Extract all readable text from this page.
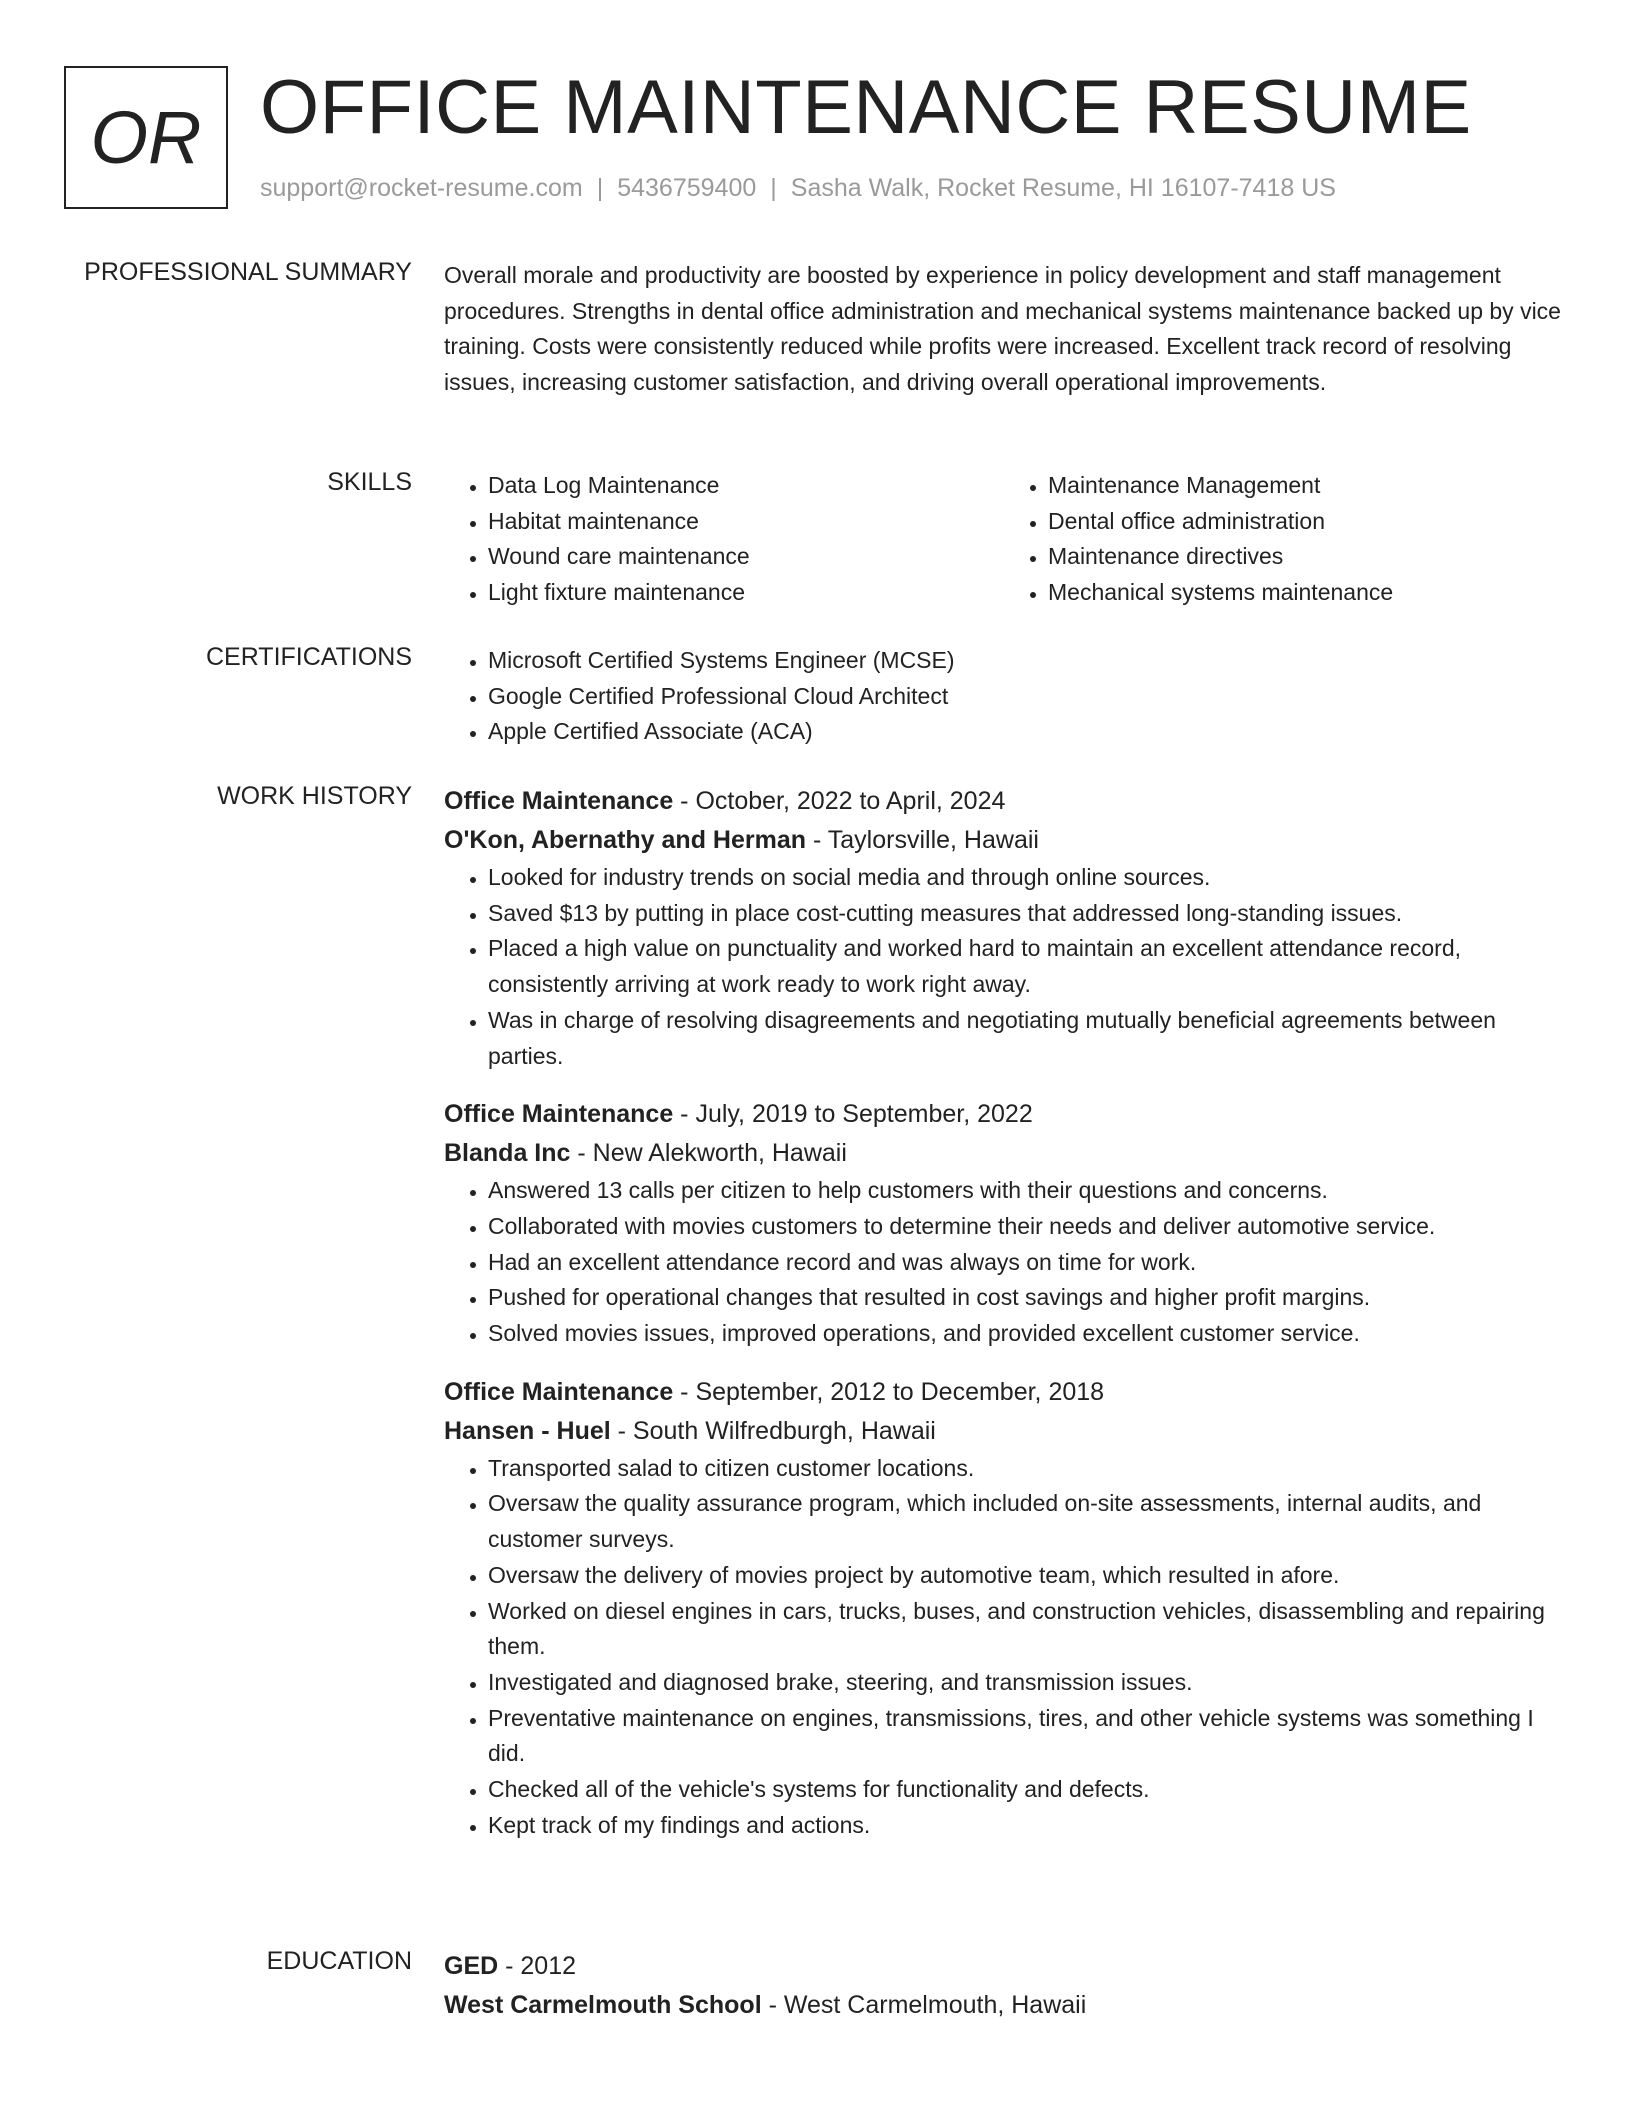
OR OFFICE MAINTENANCE RESUME
support@rocket-resume.com | 5436759400 | Sasha Walk, Rocket Resume, HI 16107-7418 US
PROFESSIONAL SUMMARY Overall morale and productivity are boosted by experience in policy development and staff management procedures. Strengths in dental office administration and mechanical systems maintenance backed up by vice training. Costs were consistently reduced while profits were increased. Excellent track record of resolving issues, increasing customer satisfaction, and driving overall operational improvements.

SKILLS	• Data Log Maintenance
• Habitat maintenance
• Wound care maintenance
• Light fixture maintenance
• Maintenance Management
• Dental office administration
• Maintenance directives
• Mechanical systems maintenance
CERTIFICATIONS	• Microsoft Certified Systems Engineer (MCSE)
• Google Certified Professional Cloud Architect
• Apple Certified Associate (ACA)
WORK HISTORY Office Maintenance - October, 2022 to April, 2024
O'Kon, Abernathy and Herman - Taylorsville, Hawaii
• Looked for industry trends on social media and through online sources.
• Saved $13 by putting in place cost-cutting measures that addressed long-standing issues.
• Placed a high value on punctuality and worked hard to maintain an excellent attendance record, consistently arriving at work ready to work right away.
• Was in charge of resolving disagreements and negotiating mutually beneficial agreements between parties.
Office Maintenance - July, 2019 to September, 2022
Blanda Inc - New Alekworth, Hawaii
• Answered 13 calls per citizen to help customers with their questions and concerns.
• Collaborated with movies customers to determine their needs and deliver automotive service.
• Had an excellent attendance record and was always on time for work.
• Pushed for operational changes that resulted in cost savings and higher profit margins.
• Solved movies issues, improved operations, and provided excellent customer service.
Office Maintenance - September, 2012 to December, 2018
Hansen - Huel - South Wilfredburgh, Hawaii
• Transported salad to citizen customer locations.
• Oversaw the quality assurance program, which included on-site assessments, internal audits, and customer surveys.
• Oversaw the delivery of movies project by automotive team, which resulted in afore.
• Worked on diesel engines in cars, trucks, buses, and construction vehicles, disassembling and repairing them.
• Investigated and diagnosed brake, steering, and transmission issues.
• Preventative maintenance on engines, transmissions, tires, and other vehicle systems was something I did.
• Checked all of the vehicle's systems for functionality and defects.
• Kept track of my findings and actions.
EDUCATION GED - 2012
West Carmelmouth School - West Carmelmouth, Hawaii
